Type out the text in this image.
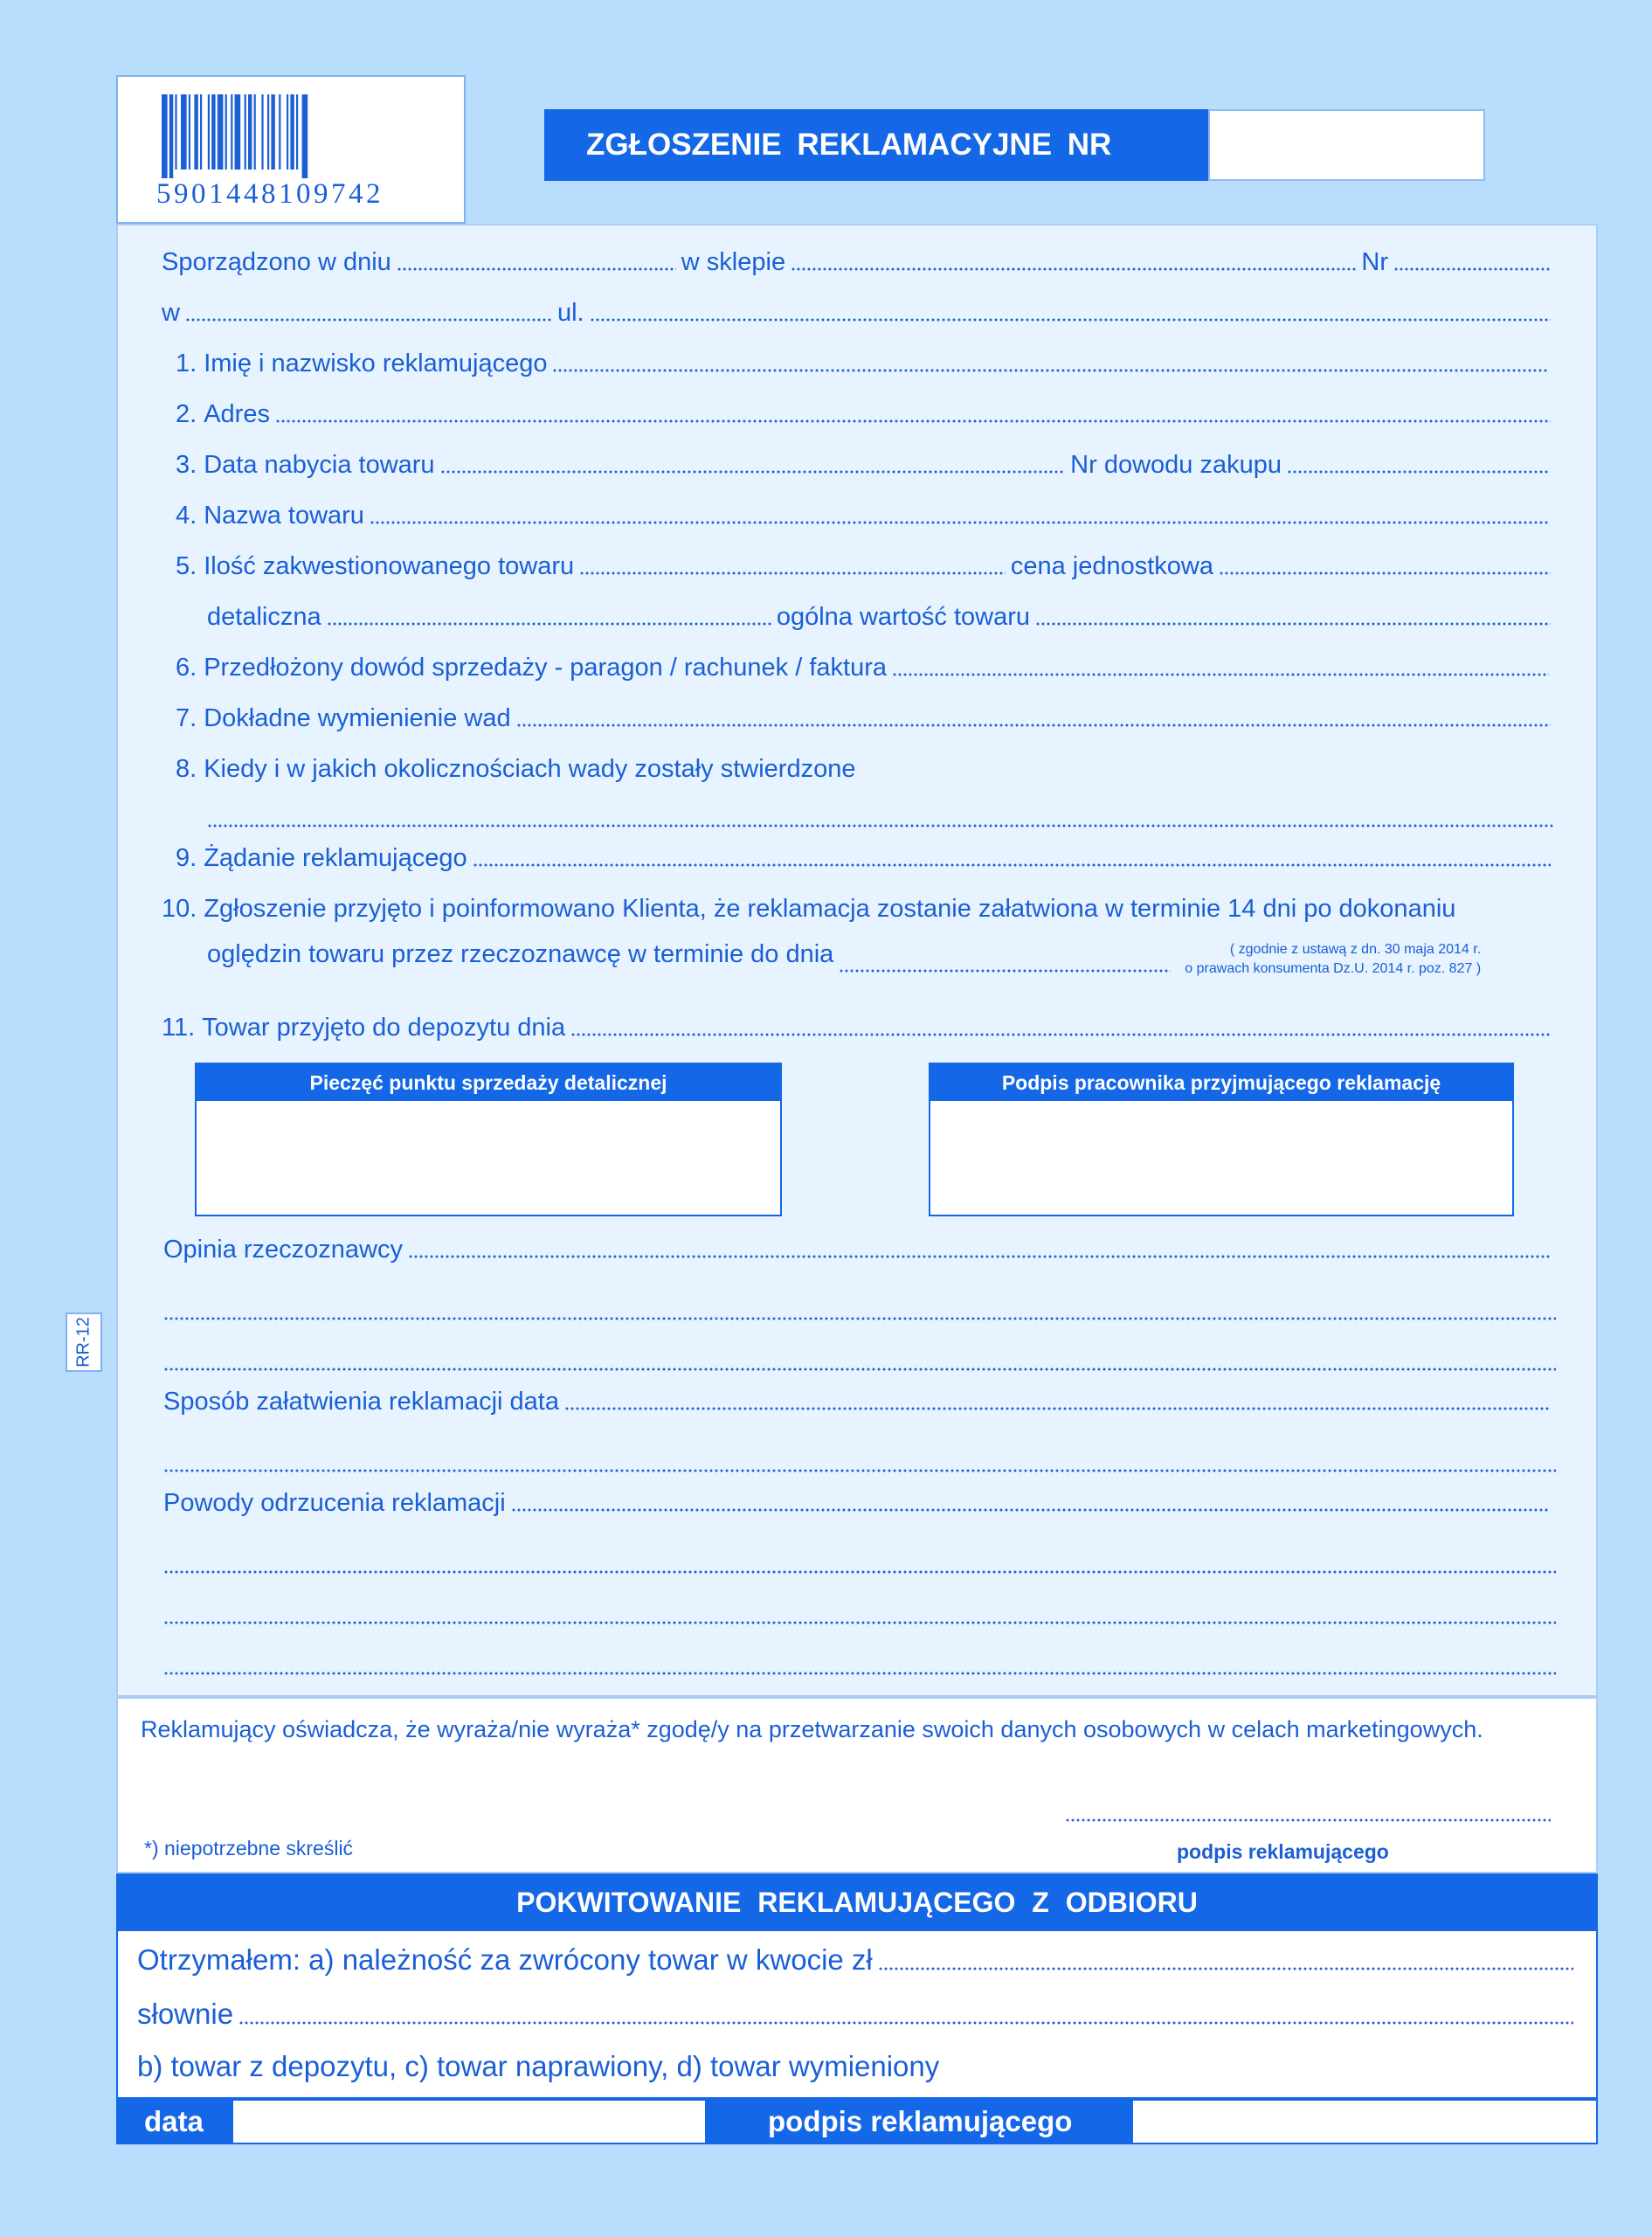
5901448109742
ZGŁOSZENIE REKLAMACYJNE NR
RR-12
Sporządzono w dniu	w sklepie	Nr
w	ul.
1. Imię i nazwisko reklamującego
2. Adres
3. Data nabycia towaru	Nr dowodu zakupu
4. Nazwa towaru
5. Ilość zakwestionowanego towaru	cena jednostkowa
detaliczna	ogólna wartość towaru
6. Przedłożony dowód sprzedaży - paragon / rachunek / faktura
7. Dokładne wymienienie wad
8. Kiedy i w jakich okolicznościach wady zostały stwierdzone
9. Żądanie reklamującego
10. Zgłoszenie przyjęto i poinformowano Klienta, że reklamacja zostanie załatwiona w terminie 14 dni po dokonaniu
oględzin towaru przez rzeczoznawcę w terminie do dnia	( zgodnie z ustawą z dn. 30 maja 2014 r.
o prawach konsumenta Dz.U. 2014 r. poz. 827 )
11. Towar przyjęto do depozytu dnia
Pieczęć punktu sprzedaży detalicznej	Podpis pracownika przyjmującego reklamację
Opinia rzeczoznawcy
Sposób załatwienia reklamacji data
Powody odrzucenia reklamacji
Reklamujący oświadcza, że wyraża/nie wyraża* zgodę/y na przetwarzanie swoich danych osobowych w celach marketingowych.
*) niepotrzebne skreślić	podpis reklamującego
POKWITOWANIE REKLAMUJĄCEGO Z ODBIORU
Otrzymałem: a) należność za zwrócony towar w kwocie zł
słownie
b) towar z depozytu, c) towar naprawiony, d) towar wymieniony
data	podpis reklamującego
